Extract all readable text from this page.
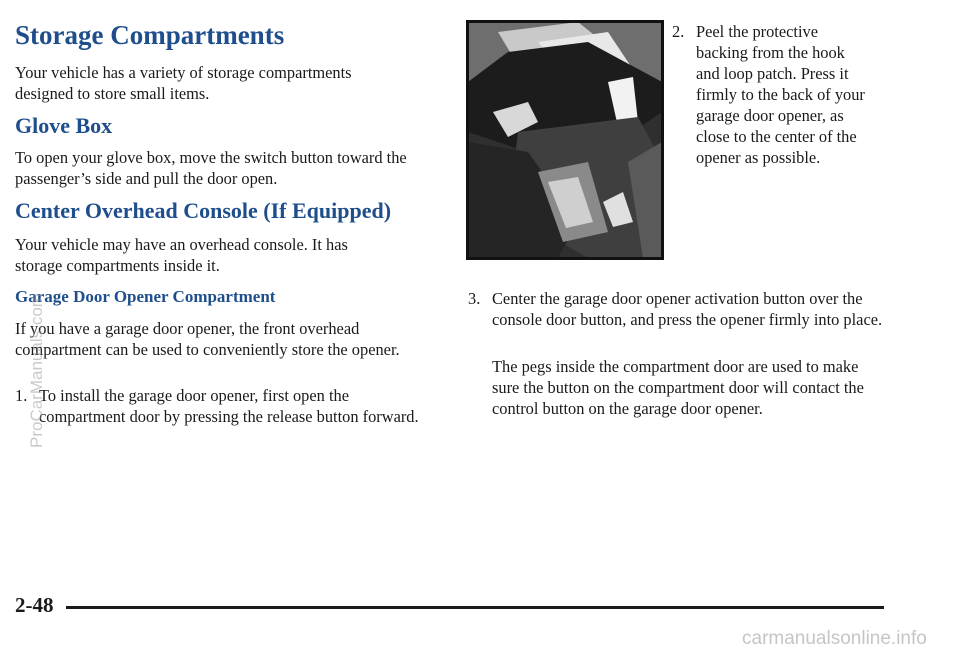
Storage Compartments

Your vehicle has a variety of storage compartments designed to store small items.

Glove Box

To open your glove box, move the switch button toward the passenger’s side and pull the door open.

Center Overhead Console (If Equipped)

Your vehicle may have an overhead console. It has storage compartments inside it.

Garage Door Opener Compartment

If you have a garage door opener, the front overhead compartment can be used to conveniently store the opener.

1. To install the garage door opener, first open the compartment door by pressing the release button forward.
2. Peel the protective backing from the hook and loop patch. Press it firmly to the back of your garage door opener, as close to the center of the opener as possible.
3. Center the garage door opener activation button over the console door button, and press the opener firmly into place.

The pegs inside the compartment door are used to make sure the button on the compartment door will contact the control button on the garage door opener.

2-48
carmanualsonline.info
ProCarManuals.com
